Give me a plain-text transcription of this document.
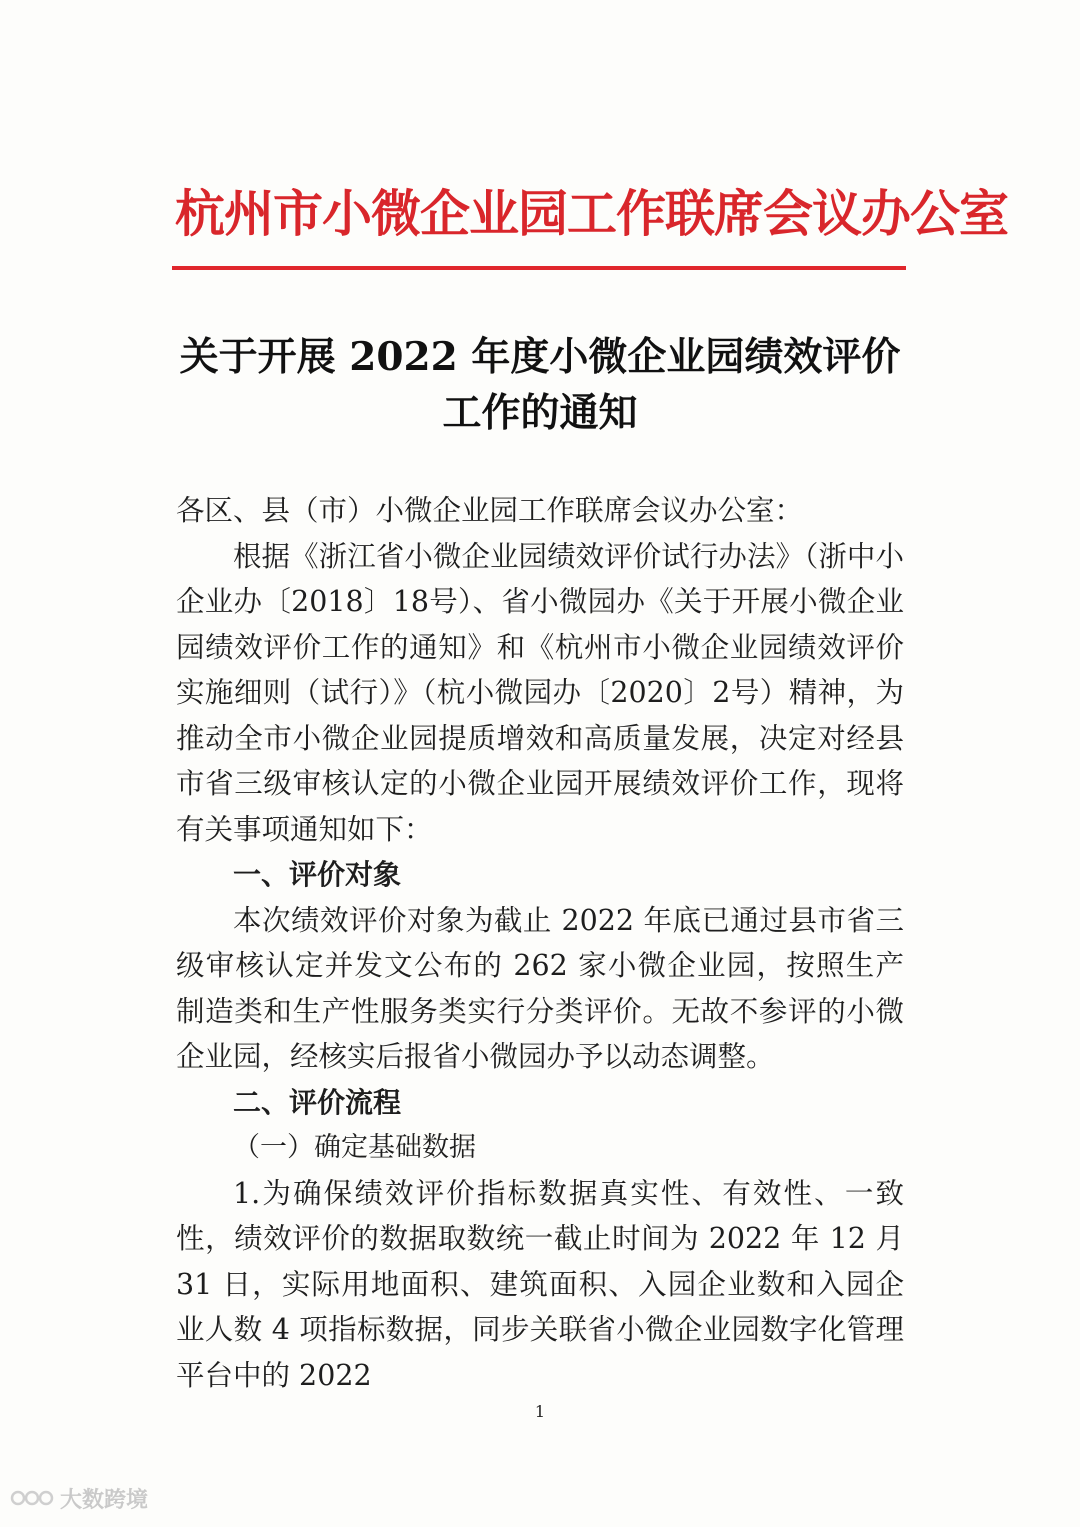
杭州市小微企业园工作联席会议办公室
关于开展 2022 年度小微企业园绩效评价
工作的通知

各区、县（市）小微企业园工作联席会议办公室：

根据《浙江省小微企业园绩效评价试行办法》（浙中小企业办〔2018〕18号）、省小微园办《关于开展小微企业园绩效评价工作的通知》和《杭州市小微企业园绩效评价实施细则（试行）》（杭小微园办〔2020〕2号）精神，为推动全市小微企业园提质增效和高质量发展，决定对经县市省三级审核认定的小微企业园开展绩效评价工作，现将有关事项通知如下：

一、评价对象

本次绩效评价对象为截止 2022 年底已通过县市省三级审核认定并发文公布的 262 家小微企业园，按照生产制造类和生产性服务类实行分类评价。无故不参评的小微企业园，经核实后报省小微园办予以动态调整。

二、评价流程

（一）确定基础数据

1.为确保绩效评价指标数据真实性、有效性、一致性，绩效评价的数据取数统一截止时间为 2022 年 12 月 31 日，实际用地面积、建筑面积、入园企业数和入园企业人数 4 项指标数据，同步关联省小微企业园数字化管理平台中的 2022

1
大数跨境
